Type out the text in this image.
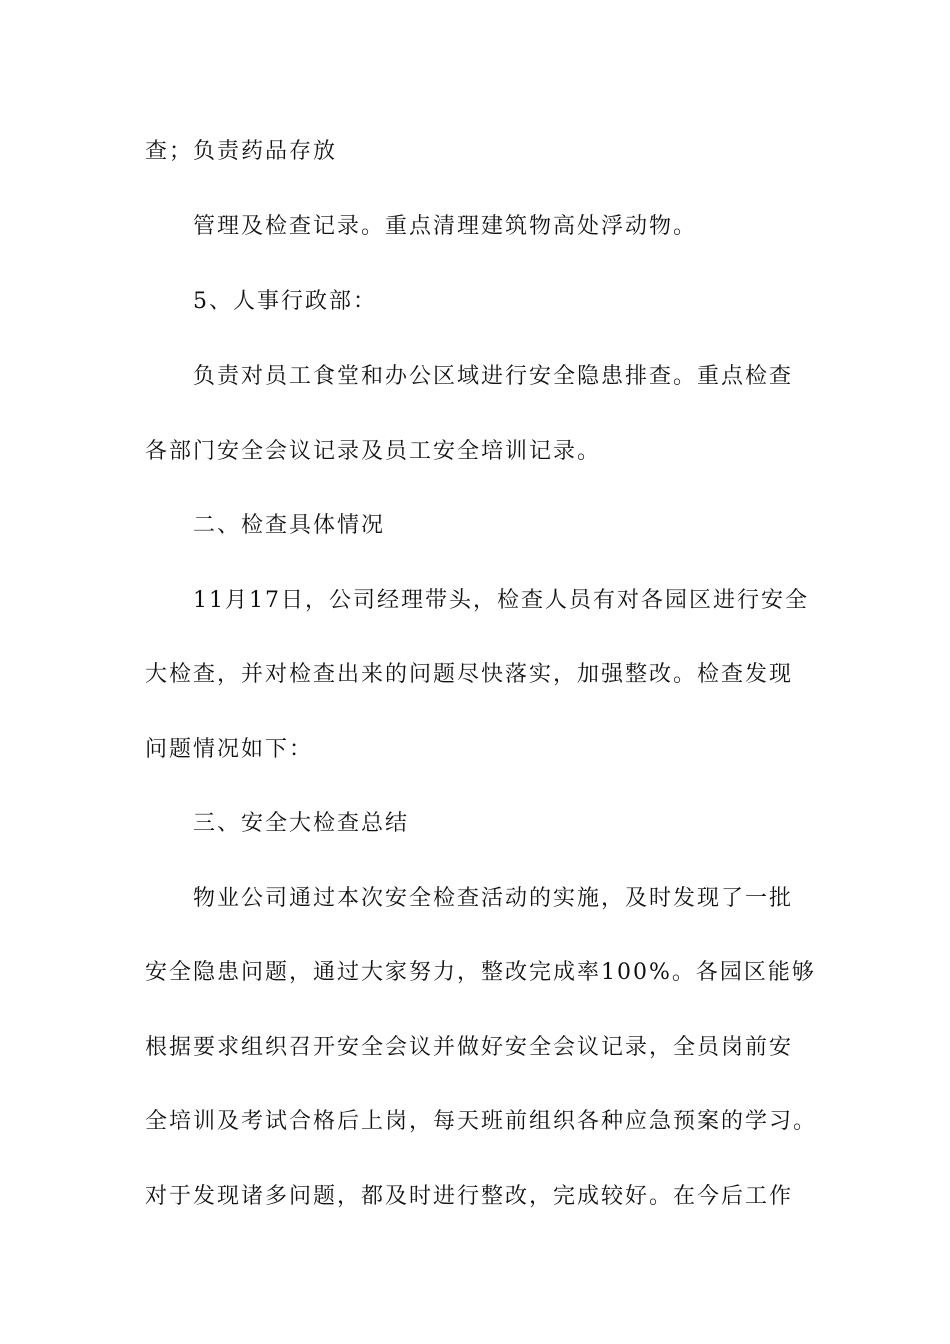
查；负责药品存放

管理及检查记录。重点清理建筑物高处浮动物。

5、人事行政部：

负责对员工食堂和办公区域进行安全隐患排查。重点检查

各部门安全会议记录及员工安全培训记录。

二、检查具体情况

11月17日，公司经理带头，检查人员有对各园区进行安全

大检查，并对检查出来的问题尽快落实，加强整改。检查发现

问题情况如下：

三、安全大检查总结

物业公司通过本次安全检查活动的实施，及时发现了一批

安全隐患问题，通过大家努力，整改完成率100%。各园区能够

根据要求组织召开安全会议并做好安全会议记录，全员岗前安

全培训及考试合格后上岗，每天班前组织各种应急预案的学习。

对于发现诸多问题，都及时进行整改，完成较好。在今后工作
